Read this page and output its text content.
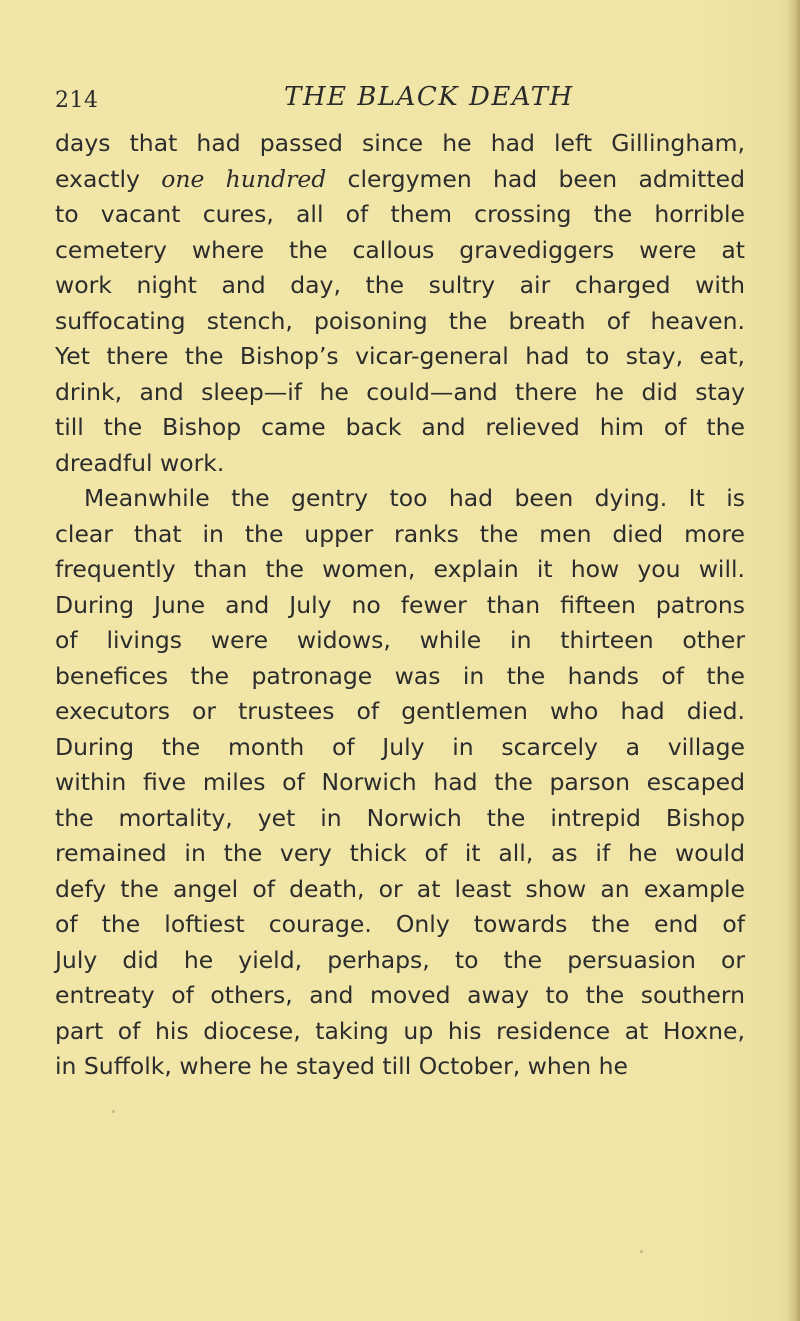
214	THE BLACK DEATH
days that had passed since he had left Gillingham,
exactly one hundred clergymen had been admitted
to vacant cures, all of them crossing the horrible
cemetery where the callous gravediggers were at
work night and day, the sultry air charged with
suffocating stench, poisoning the breath of heaven.
Yet there the Bishop’s vicar-general had to stay, eat,
drink, and sleep—if he could—and there he did stay
till the Bishop came back and relieved him of the
dreadful work.
Meanwhile the gentry too had been dying. It is
clear that in the upper ranks the men died more
frequently than the women, explain it how you will.
During June and July no fewer than fifteen patrons
of livings were widows, while in thirteen other
benefices the patronage was in the hands of the
executors or trustees of gentlemen who had died.
During the month of July in scarcely a village
within five miles of Norwich had the parson escaped
the mortality, yet in Norwich the intrepid Bishop
remained in the very thick of it all, as if he would
defy the angel of death, or at least show an example
of the loftiest courage. Only towards the end of
July did he yield, perhaps, to the persuasion or
entreaty of others, and moved away to the southern
part of his diocese, taking up his residence at Hoxne,
in Suffolk, where he stayed till October, when he
